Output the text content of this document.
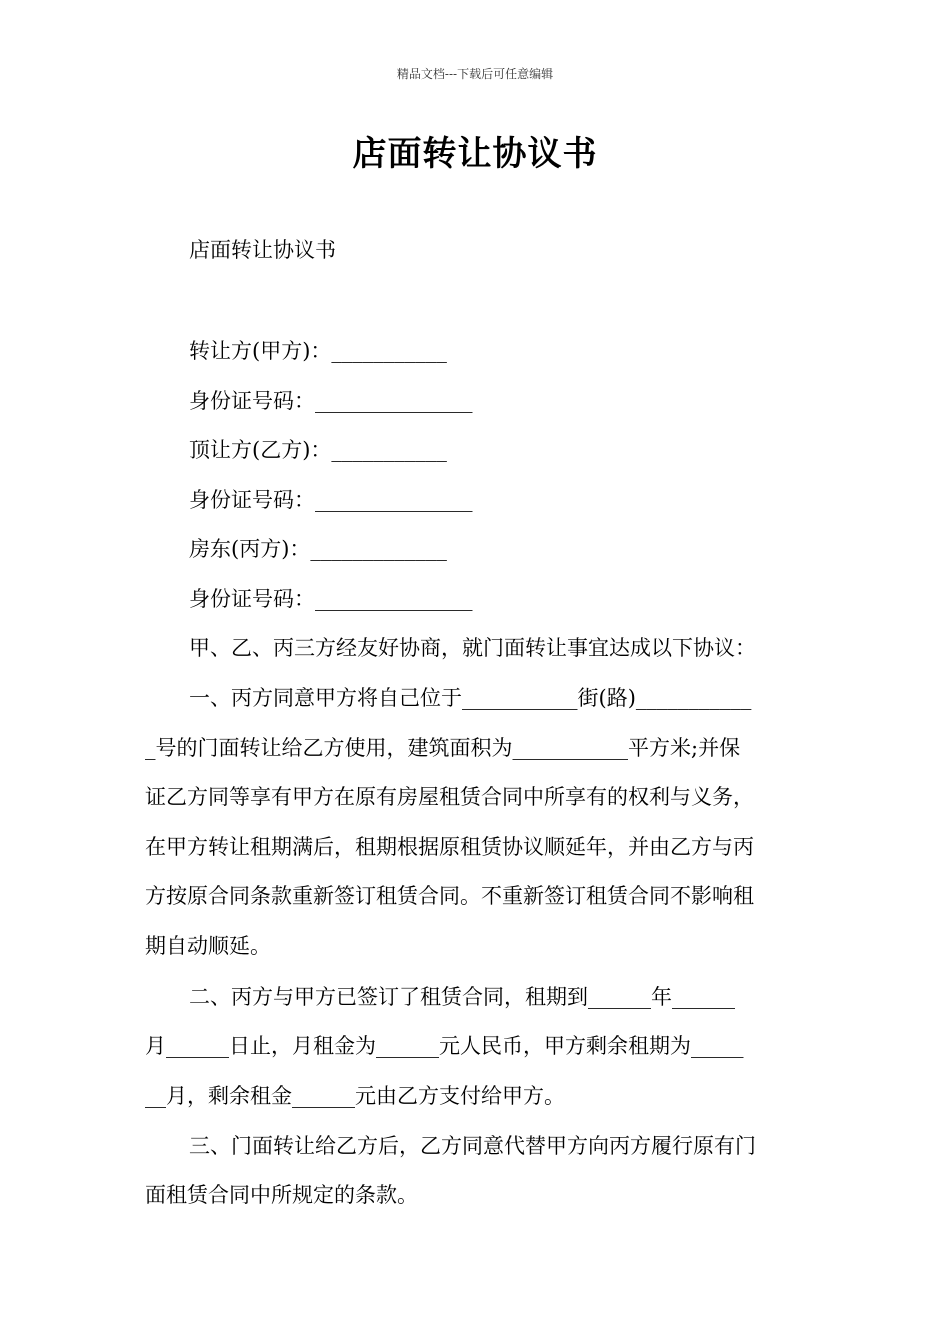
精品文档---下载后可任意编辑
店面转让协议书
店面转让协议书
转让方(甲方)：___________
身份证号码：_______________
顶让方(乙方)：___________
身份证号码：_______________
房东(丙方)：_____________
身份证号码：_______________
甲、乙、丙三方经友好协商，就门面转让事宜达成以下协议：
一、丙方同意甲方将自己位于___________街(路)___________
_号的门面转让给乙方使用，建筑面积为___________平方米;并保
证乙方同等享有甲方在原有房屋租赁合同中所享有的权利与义务，
在甲方转让租期满后，租期根据原租赁协议顺延年，并由乙方与丙
方按原合同条款重新签订租赁合同。不重新签订租赁合同不影响租
期自动顺延。
二、丙方与甲方已签订了租赁合同，租期到______年______
月______日止，月租金为______元人民币，甲方剩余租期为_____
__月，剩余租金______元由乙方支付给甲方。
三、门面转让给乙方后，乙方同意代替甲方向丙方履行原有门
面租赁合同中所规定的条款。
